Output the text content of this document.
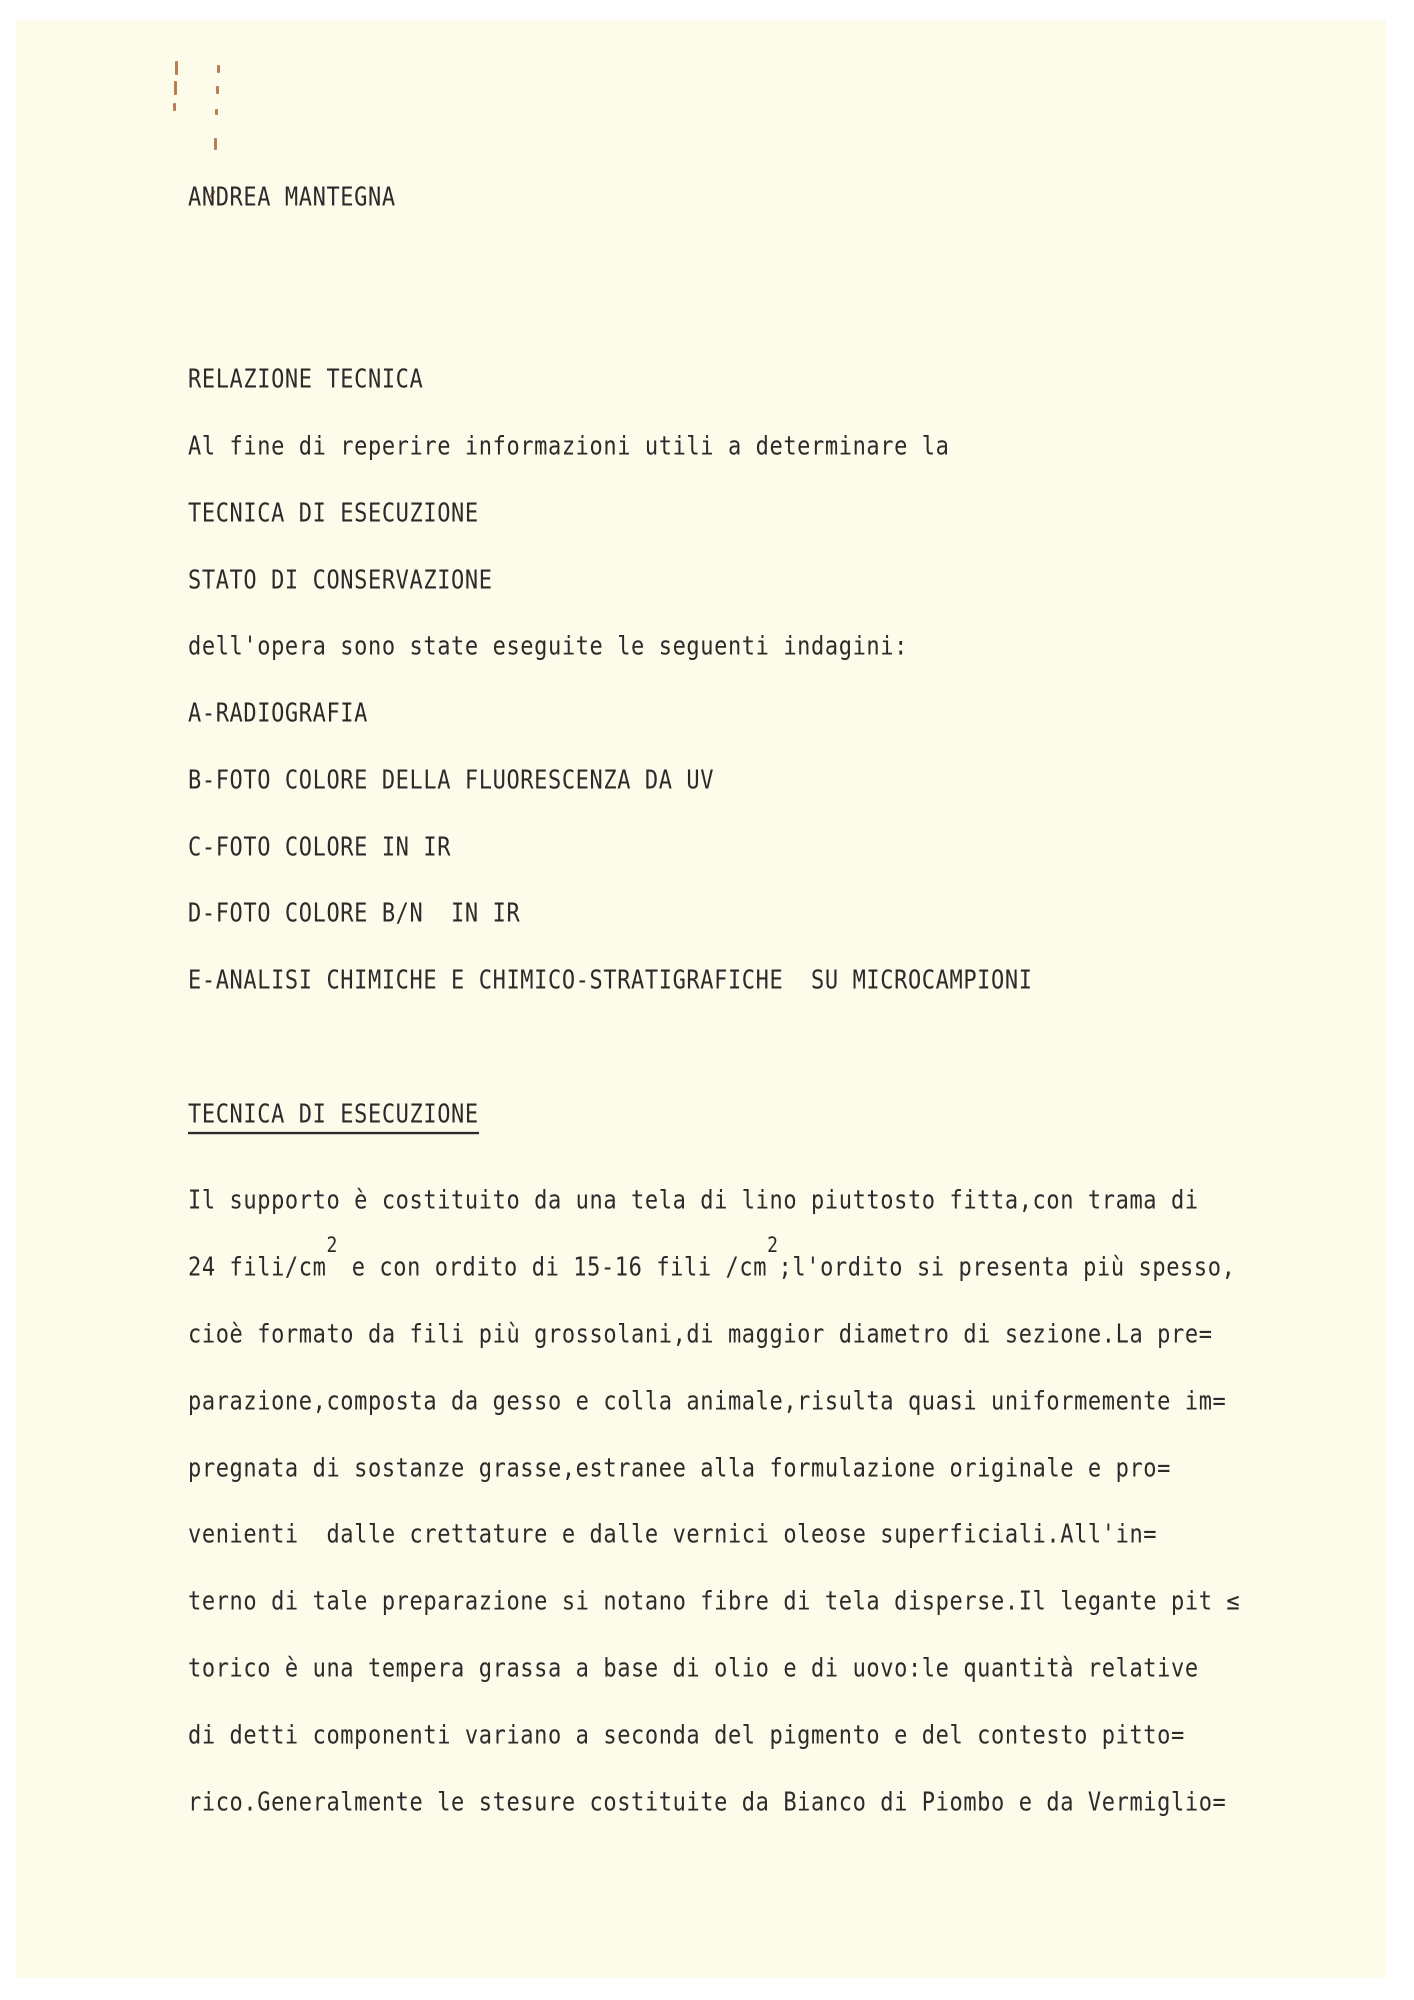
ANDREA MANTEGNA
RELAZIONE TECNICA
Al fine di reperire informazioni utili a determinare la
TECNICA DI ESECUZIONE
STATO DI CONSERVAZIONE
dell'opera sono state eseguite le seguenti indagini:
A-RADIOGRAFIA
B-FOTO COLORE DELLA FLUORESCENZA DA UV
C-FOTO COLORE IN IR
D-FOTO COLORE B/N  IN IR
E-ANALISI CHIMICHE E CHIMICO-STRATIGRAFICHE  SU MICROCAMPIONI
TECNICA DI ESECUZIONE
Il supporto è costituito da una tela di lino piuttosto fitta,con trama di
24 fili/$cm^2$ e con ordito di 15-16 fili $/cm^2;l'ordito$ si presenta più spesso,
cioè formato da fili più grossolani,di maggior diametro di sezione.La pre=
parazione,composta da gesso e colla animale,risulta quasi uniformemente im=
pregnata di sostanze grasse,estranee alla formulazione originale e pro=
venienti  dalle crettature e dalle vernici oleose superficiali.All'in=
terno di tale preparazione si notano fibre di tela disperse.Il legante pit ≤
torico è una tempera grassa a base di olio e di uovo:le quantità relative
di detti componenti variano a seconda del pigmento e del contesto pitto=
rico.Generalmente le stesure costituite da Bianco di Piombo e da Vermiglio=
